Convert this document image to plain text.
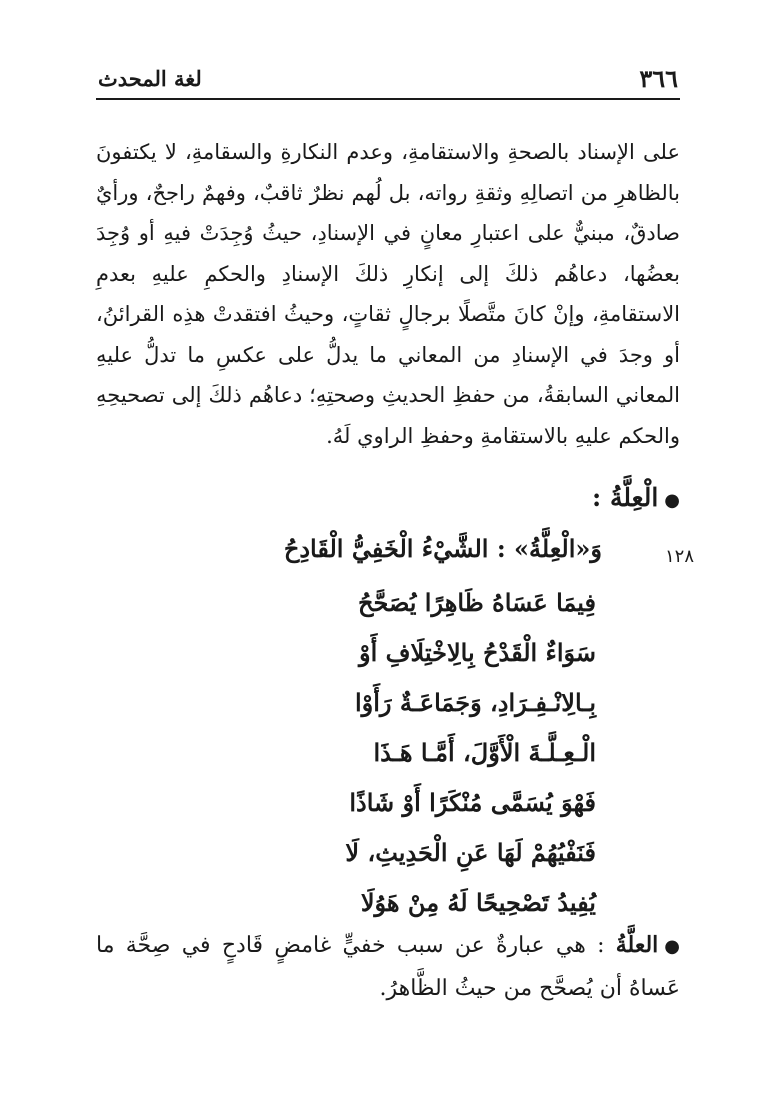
٣٦٦
لغة المحدث

على الإسناد بالصحةِ والاستقامةِ، وعدم النكارةِ والسقامةِ، لا يكتفونَ بالظاهرِ من اتصالِهِ وثقةِ رواته، بل لُهم نظرٌ ثاقبٌ، وفهمٌ راجحٌ، ورأيٌ صادقٌ، مبنيٌّ على اعتبارِ معانٍ في الإسنادِ، حيثُ وُجِدَتْ فيهِ أو وُجِدَ بعضُها، دعاهُم ذلكَ إلى إنكارِ ذلكَ الإسنادِ والحكمِ عليهِ بعدمِ الاستقامةِ، وإنْ كانَ متَّصلًا برجالٍ ثقاتٍ، وحيثُ افتقدتْ هذِه القرائنُ، أو وجدَ في الإسنادِ من المعاني ما يدلُّ على عكسِ ما تدلُّ عليهِ المعاني السابقةُ، من حفظِ الحديثِ وصحتِهِ؛ دعاهُم ذلكَ إلى تصحيحِهِ والحكم عليهِ بالاستقامةِ وحفظِ الراوي لَهُ.

●الْعِلَّةُ :
١٢٨
وَ«الْعِلَّةُ» : الشَّيْءُ الْخَفِيُّ الْقَادِحُ
فِيمَا عَسَاهُ ظَاهِرًا يُصَحَّحُ
سَوَاءٌ الْقَدْحُ بِالِاخْتِلَافِ أَوْ
بِـالِانْـفِـرَادِ، وَجَمَاعَـةٌ رَأَوْا
الْـعِـلَّـةَ الْأَوَّلَ، أَمَّـا هَـذَا
فَهْوَ يُسَمَّى مُنْكَرًا أَوْ شَاذًا
فَنَفْيُهُمْ لَهَا عَنِ الْحَدِيثِ، لَا
يُفِيدُ تَصْحِيحًا لَهُ مِنْ هَوُلَا

●العلَّةُ : هي عبارةٌ عن سبب خفيٍّ غامضٍ قَادحٍ في صِحَّة ما عَساهُ أن يُصحَّح من حيثُ الظَّاهرُ.
